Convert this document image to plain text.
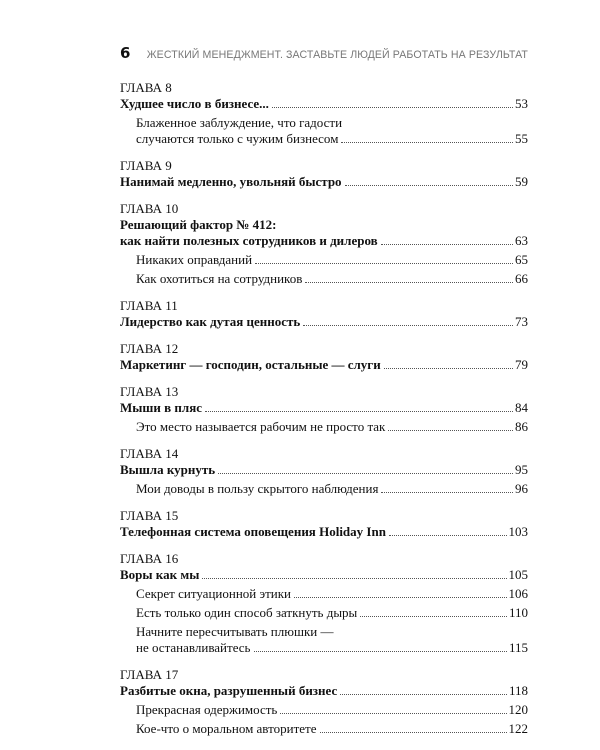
6 ЖЕСТКИЙ МЕНЕДЖМЕНТ. ЗАСТАВЬТЕ ЛЮДЕЙ РАБОТАТЬ НА РЕЗУЛЬТАТ
ГЛАВА 8
Худшее число в бизнесе...	53
Блаженное заблуждение, что гадости
случаются только с чужим бизнесом	55
ГЛАВА 9
Нанимай медленно, увольняй быстро	59
ГЛАВА 10
Решающий фактор № 412:
как найти полезных сотрудников и дилеров	63
Никаких оправданий	65
Как охотиться на сотрудников	66
ГЛАВА 11
Лидерство как дутая ценность	73
ГЛАВА 12
Маркетинг — господин, остальные — слуги	79
ГЛАВА 13
Мыши в пляс	84
Это место называется рабочим не просто так	86
ГЛАВА 14
Вышла курнуть	95
Мои доводы в пользу скрытого наблюдения	96
ГЛАВА 15
Телефонная система оповещения Holiday Inn	103
ГЛАВА 16
Воры как мы	105
Секрет ситуационной этики	106
Есть только один способ заткнуть дыры	110
Начните пересчитывать плюшки —
не останавливайтесь	115
ГЛАВА 17
Разбитые окна, разрушенный бизнес	118
Прекрасная одержимость	120
Кое-что о моральном авторитете	122
